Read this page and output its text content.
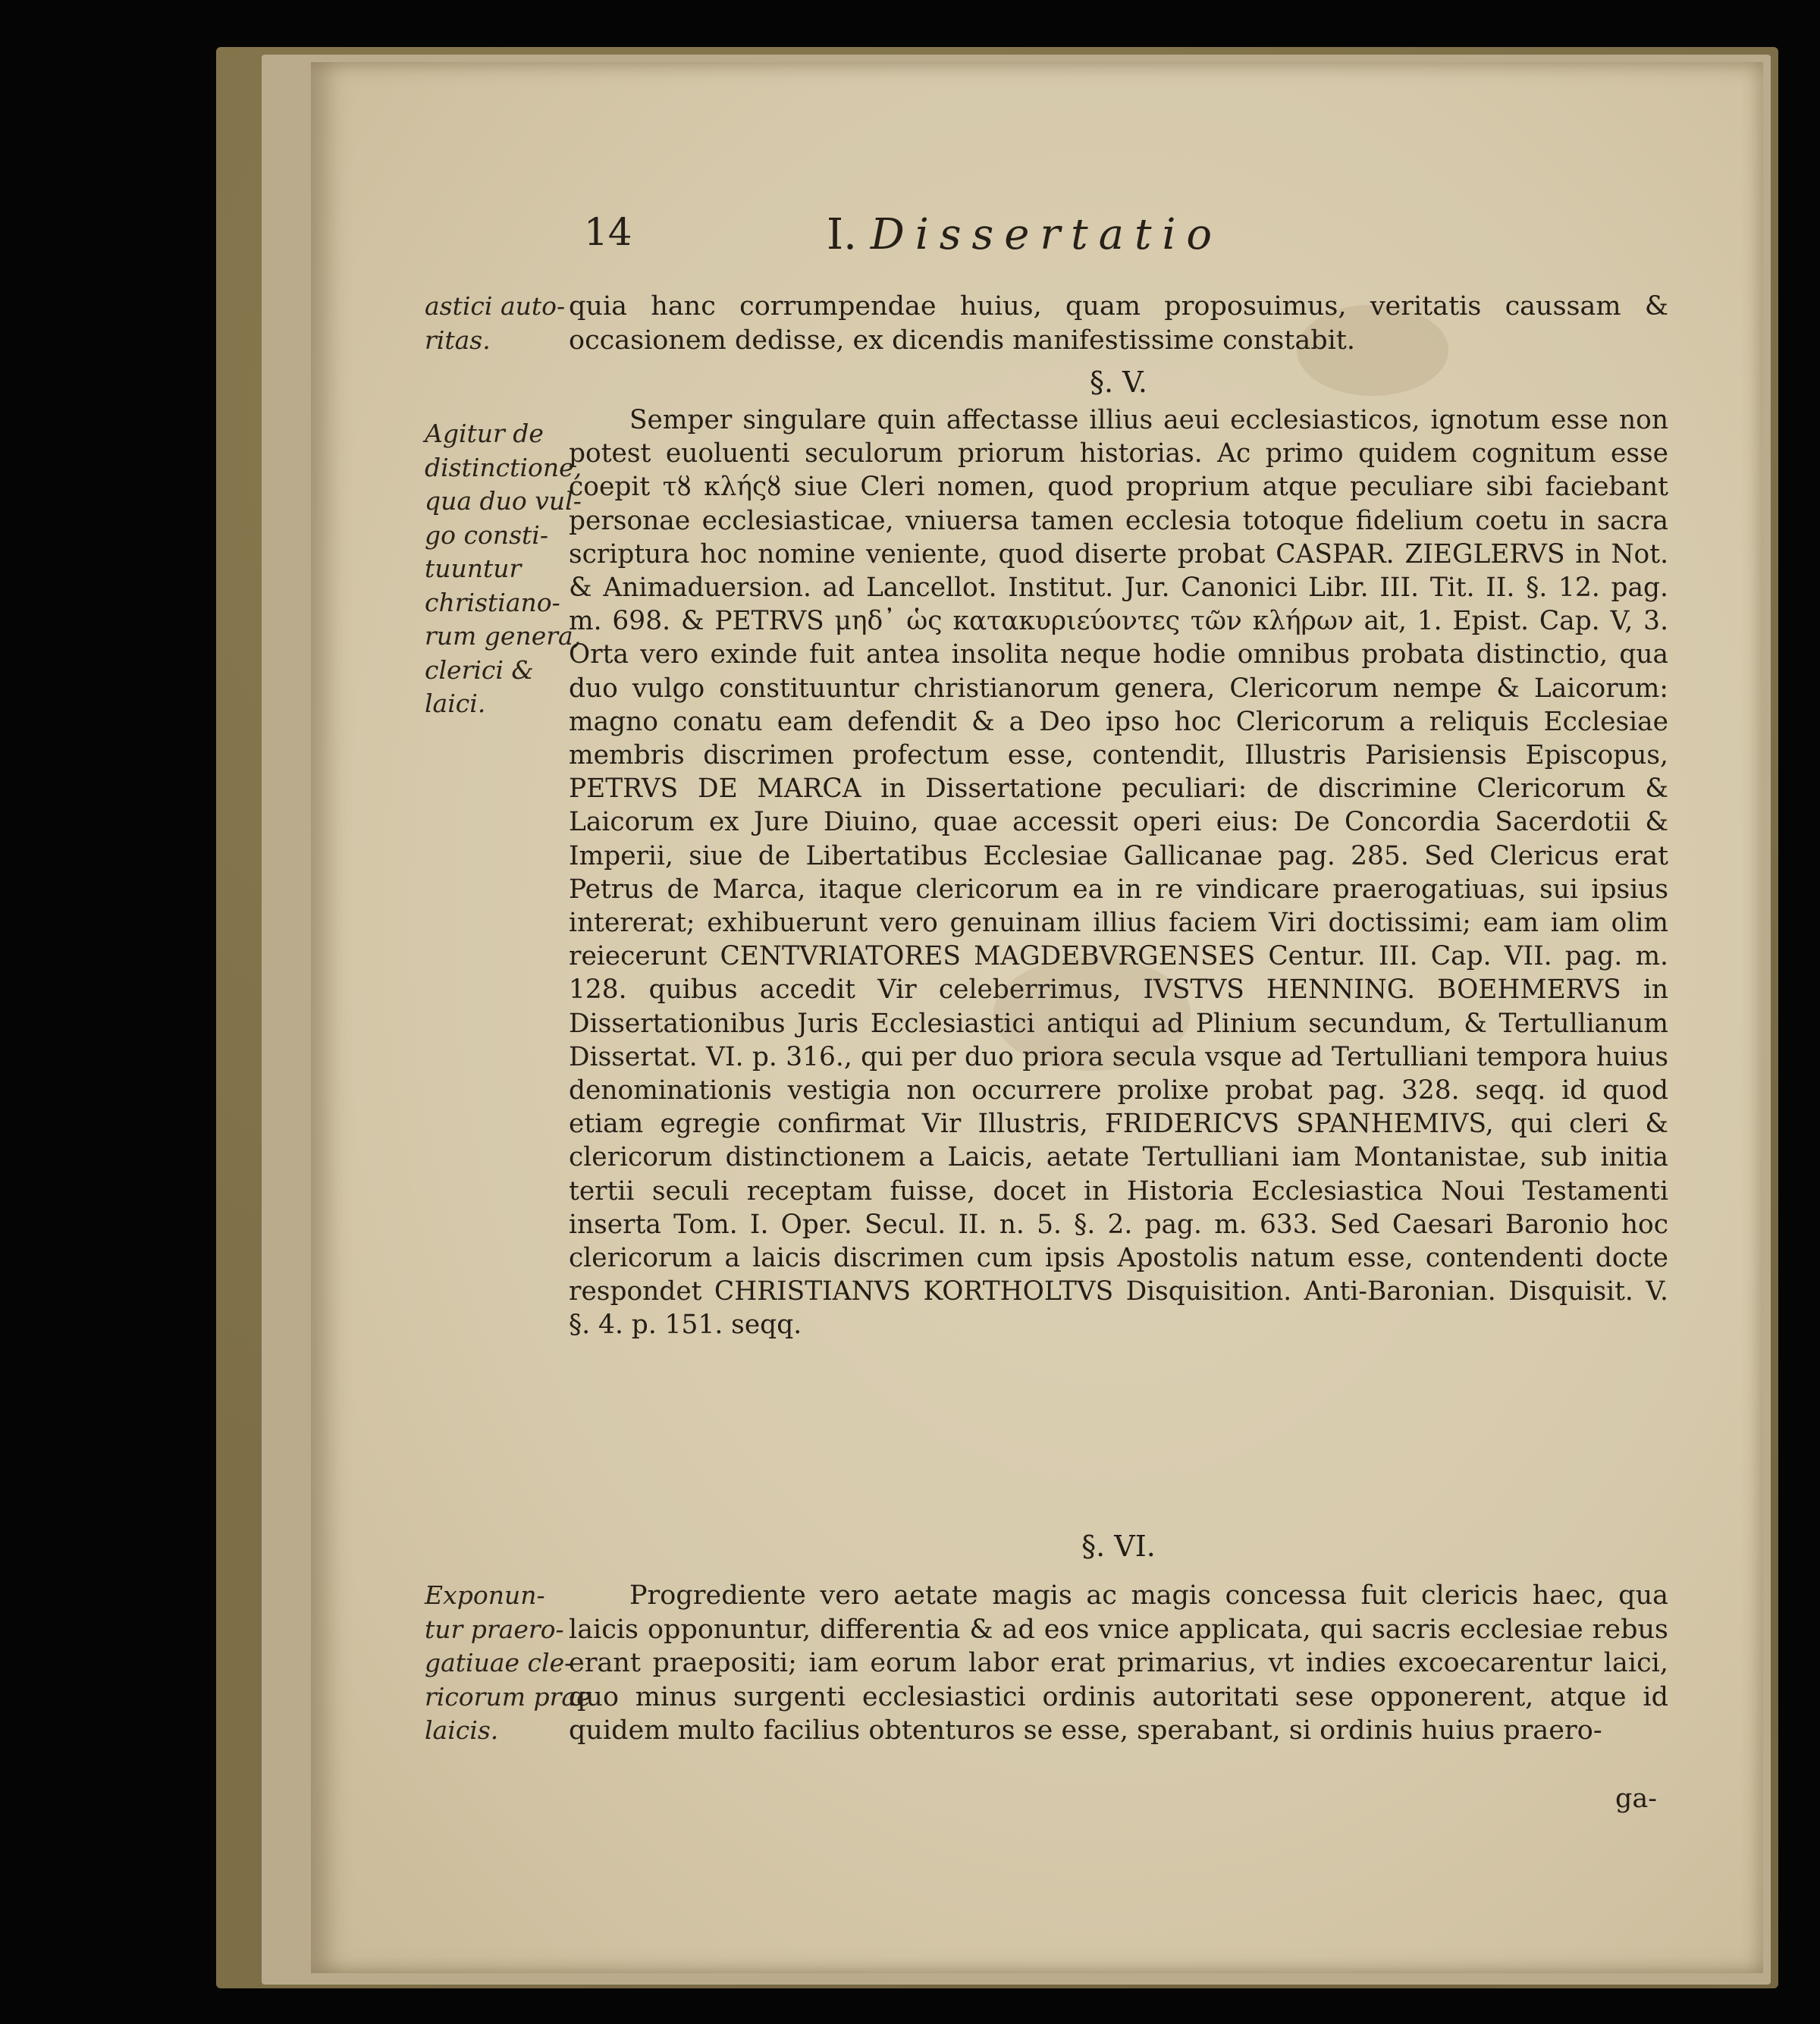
14	I. Dissertatio
astici auto-
ritas.
Agitur de
distinctione,
qua duo vul-
go consti-
tuuntur
christiano-
rum genera,
clerici &
laici.
Exponun-
tur praero-
gatiuae cle-
ricorum prae
laicis.

quia hanc corrumpendae huius, quam proposuimus, veritatis caussam & occasionem dedisse, ex dicendis manifestissime constabit.

§. V.

Semper singulare quin affectasse illius aeui ecclesiasticos, ignotum esse non potest euoluenti seculorum priorum historias. Ac primo quidem cognitum esse coepit τȣ κλήςȣ siue Cleri nomen, quod proprium atque peculiare sibi faciebant personae ecclesiasticae, vniuersa tamen ecclesia totoque fidelium coetu in sacra scriptura hoc nomine veniente, quod diserte probat CASPAR. ZIEGLERVS in Not. & Animaduersion. ad Lancellot. Institut. Jur. Canonici Libr. III. Tit. II. §. 12. pag. m. 698. & PETRVS μηδ᾽ ὡς κατακυριεύοντες τῶν κλήρων ait, 1. Epist. Cap. V, 3. Orta vero exinde fuit antea insolita neque hodie omnibus probata distinctio, qua duo vulgo constituuntur christianorum genera, Clericorum nempe & Laicorum: magno conatu eam defendit & a Deo ipso hoc Clericorum a reliquis Ecclesiae membris discrimen profectum esse, contendit, Illustris Parisiensis Episcopus, PETRVS DE MARCA in Dissertatione peculiari: de discrimine Clericorum & Laicorum ex Jure Diuino, quae accessit operi eius: De Concordia Sacerdotii & Imperii, siue de Libertatibus Ecclesiae Gallicanae pag. 285. Sed Clericus erat Petrus de Marca, itaque clericorum ea in re vindicare praerogatiuas, sui ipsius intererat; exhibuerunt vero genuinam illius faciem Viri doctissimi; eam iam olim reiecerunt CENTVRIATORES MAGDEBVRGENSES Centur. III. Cap. VII. pag. m. 128. quibus accedit Vir celeberrimus, IVSTVS HENNING. BOEHMERVS in Dissertationibus Juris Ecclesiastici antiqui ad Plinium secundum, & Tertullianum Dissertat. VI. p. 316., qui per duo priora secula vsque ad Tertulliani tempora huius denominationis vestigia non occurrere prolixe probat pag. 328. seqq. id quod etiam egregie confirmat Vir Illustris, FRIDERICVS SPANHEMIVS, qui cleri & clericorum distinctionem a Laicis, aetate Tertulliani iam Montanistae, sub initia tertii seculi receptam fuisse, docet in Historia Ecclesiastica Noui Testamenti inserta Tom. I. Oper. Secul. II. n. 5. §. 2. pag. m. 633. Sed Caesari Baronio hoc clericorum a laicis discrimen cum ipsis Apostolis natum esse, contendenti docte respondet CHRISTIANVS KORTHOLTVS Disquisition. Anti-Baronian. Disquisit. V. §. 4. p. 151. seqq.

§. VI.

Progrediente vero aetate magis ac magis concessa fuit clericis haec, qua laicis opponuntur, differentia & ad eos vnice applicata, qui sacris ecclesiae rebus erant praepositi; iam eorum labor erat primarius, vt indies excoecarentur laici, quo minus surgenti ecclesiastici ordinis autoritati sese opponerent, atque id quidem multo facilius obtenturos se esse, sperabant, si ordinis huius praero-

ga-
